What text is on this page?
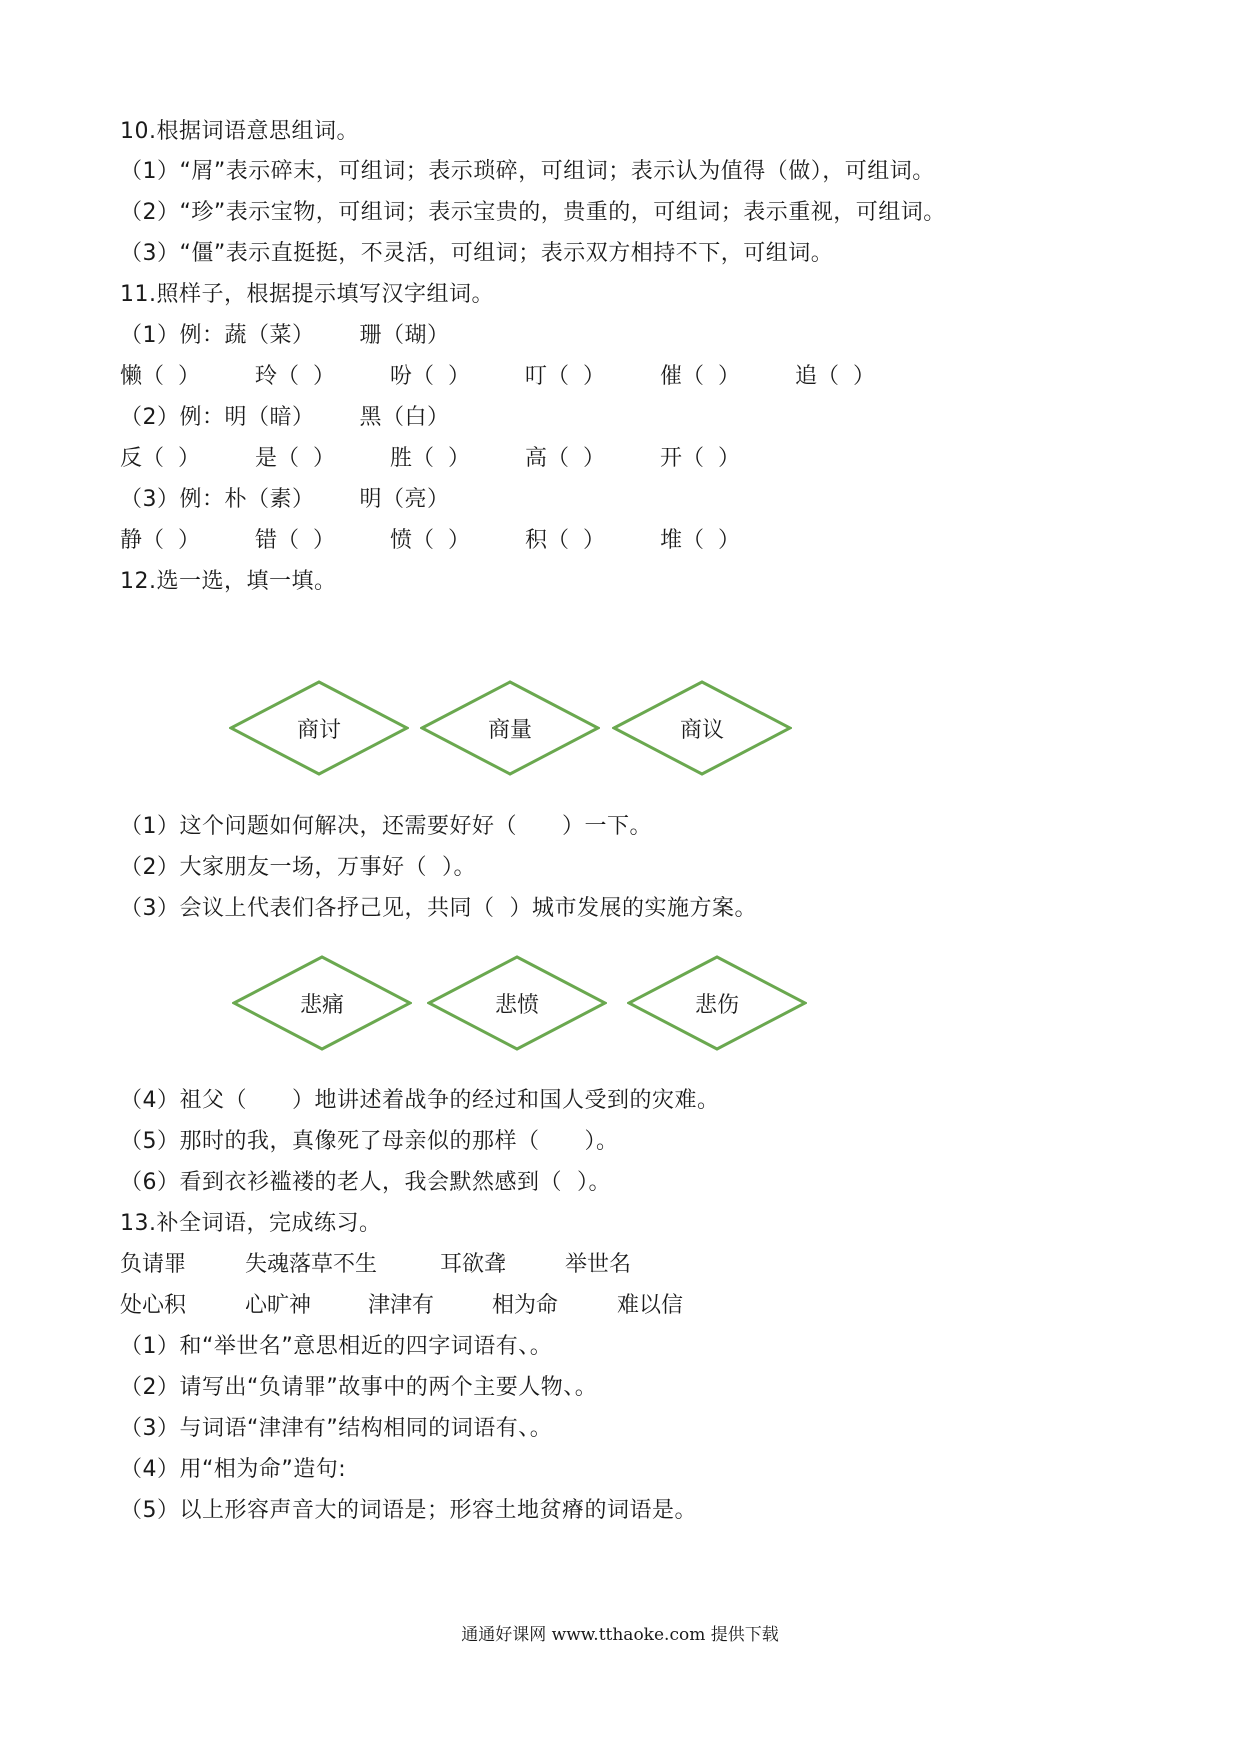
10.根据词语意思组词。
（1）“屑”表示碎末，可组词；表示琐碎，可组词；表示认为值得（做），可组词。
（2）“珍”表示宝物，可组词；表示宝贵的，贵重的，可组词；表示重视，可组词。
（3）“僵”表示直挺挺，不灵活，可组词；表示双方相持不下，可组词。
11.照样子，根据提示填写汉字组词。
（1）例：蔬（菜）      珊（瑚）
懒（  ）	玲（  ）	吩（  ）	叮（  ）	催（  ）	追（  ）
（2）例：明（暗）      黑（白）
反（  ）	是（  ）	胜（  ）	高（  ）	开（  ）
（3）例：朴（素）      明（亮）
静（  ）	错（  ）	愤（  ）	积（  ）	堆（  ）
12.选一选，填一填。
商讨	商量	商议
（1）这个问题如何解决，还需要好好（      ）一下。
（2）大家朋友一场，万事好（  ）。
（3）会议上代表们各抒己见，共同（  ）城市发展的实施方案。
悲痛	悲愤	悲伤
（4）祖父（      ）地讲述着战争的经过和国人受到的灾难。
（5）那时的我，真像死了母亲似的那样（      ）。
（6）看到衣衫褴褛的老人，我会默然感到（  ）。
13.补全词语，完成练习。
负请罪	失魂落草不生	耳欲聋	举世名
处心积	心旷神	津津有	相为命	难以信
（1）和“举世名”意思相近的四字词语有、。
（2）请写出“负请罪”故事中的两个主要人物、。
（3）与词语“津津有”结构相同的词语有、。
（4）用“相为命”造句:
（5）以上形容声音大的词语是；形容土地贫瘠的词语是。
通通好课网 www.tthaoke.com 提供下载
